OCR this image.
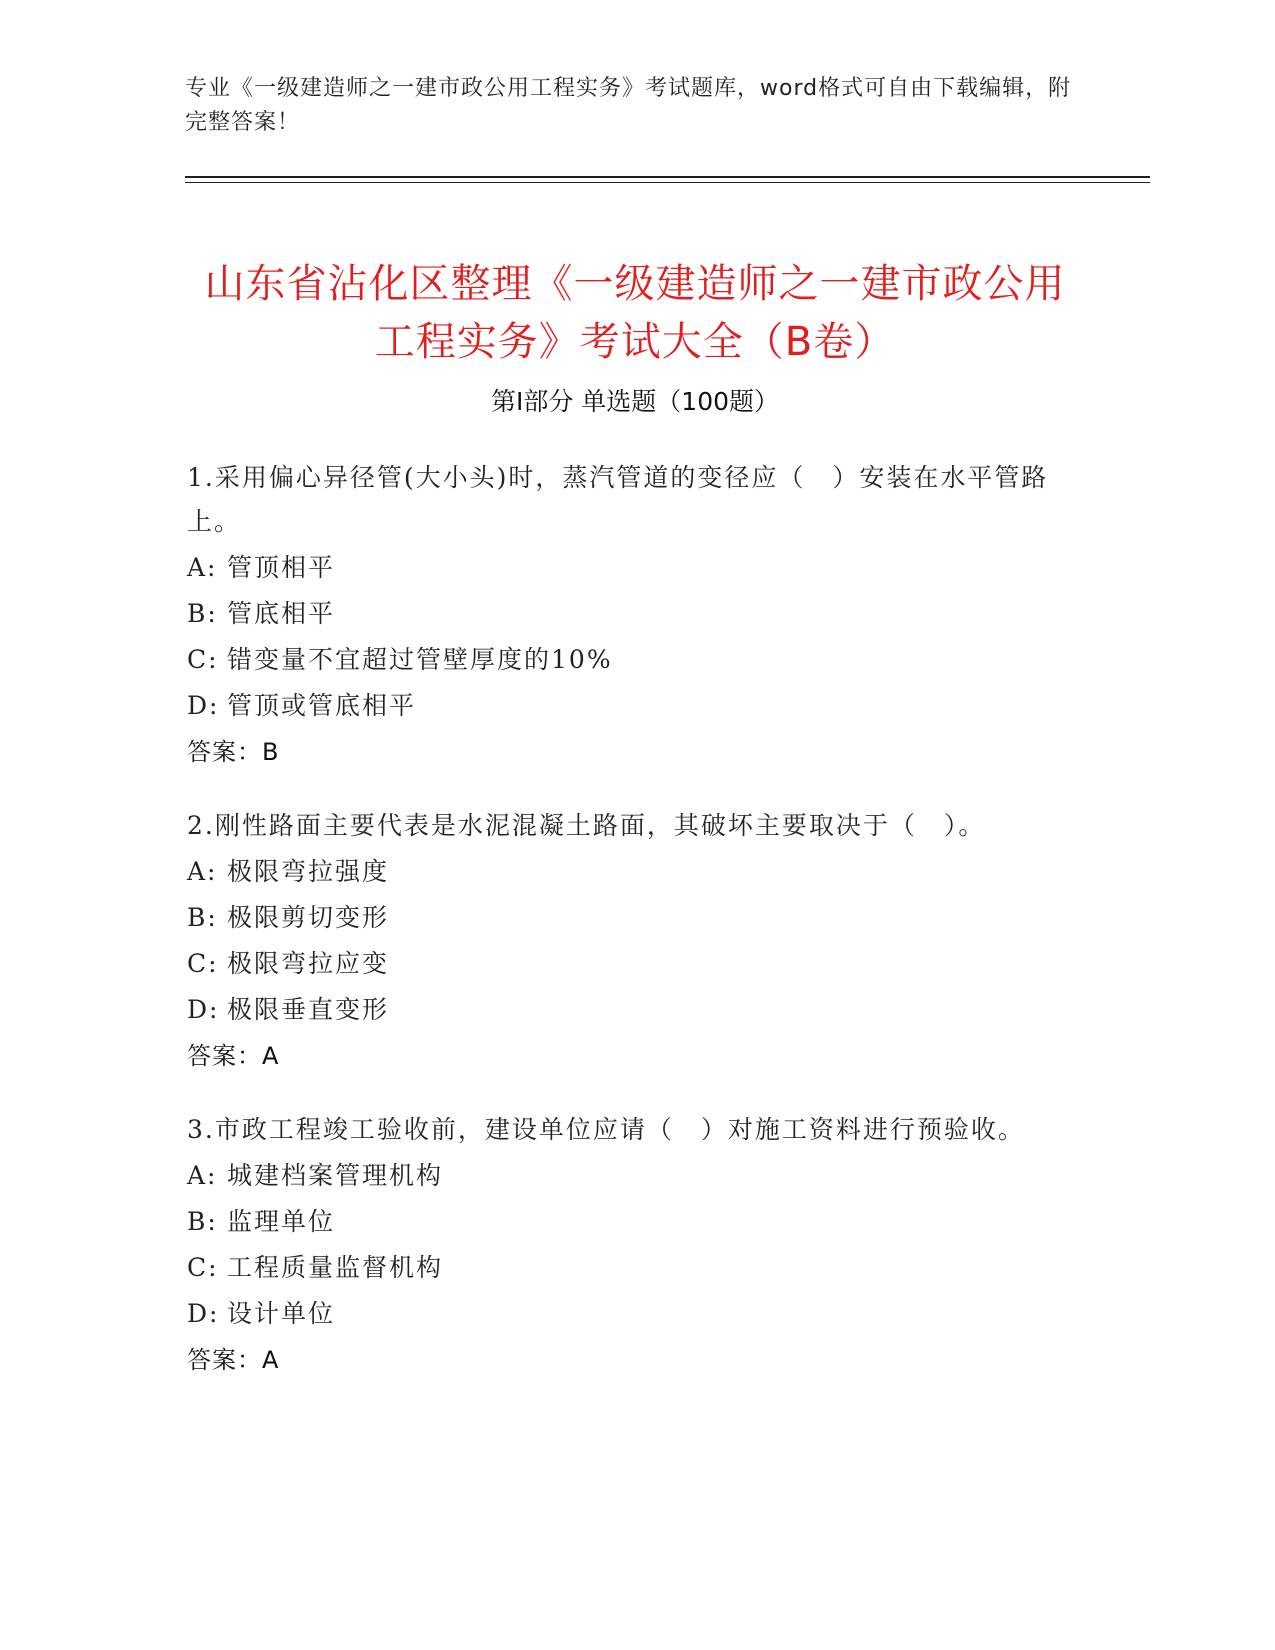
专业《一级建造师之一建市政公用工程实务》考试题库，word格式可自由下载编辑，附完整答案！
山东省沾化区整理《一级建造师之一建市政公用工程实务》考试大全（B卷）
第Ⅰ部分 单选题（100题）

1.采用偏心异径管(大小头)时，蒸汽管道的变径应（　）安装在水平管路上。

A: 管顶相平

B: 管底相平

C: 错变量不宜超过管壁厚度的10%

D: 管顶或管底相平

答案：B

2.刚性路面主要代表是水泥混凝土路面，其破坏主要取决于（　）。

A: 极限弯拉强度

B: 极限剪切变形

C: 极限弯拉应变

D: 极限垂直变形

答案：A

3.市政工程竣工验收前，建设单位应请（　）对施工资料进行预验收。

A: 城建档案管理机构

B: 监理单位

C: 工程质量监督机构

D: 设计单位

答案：A
